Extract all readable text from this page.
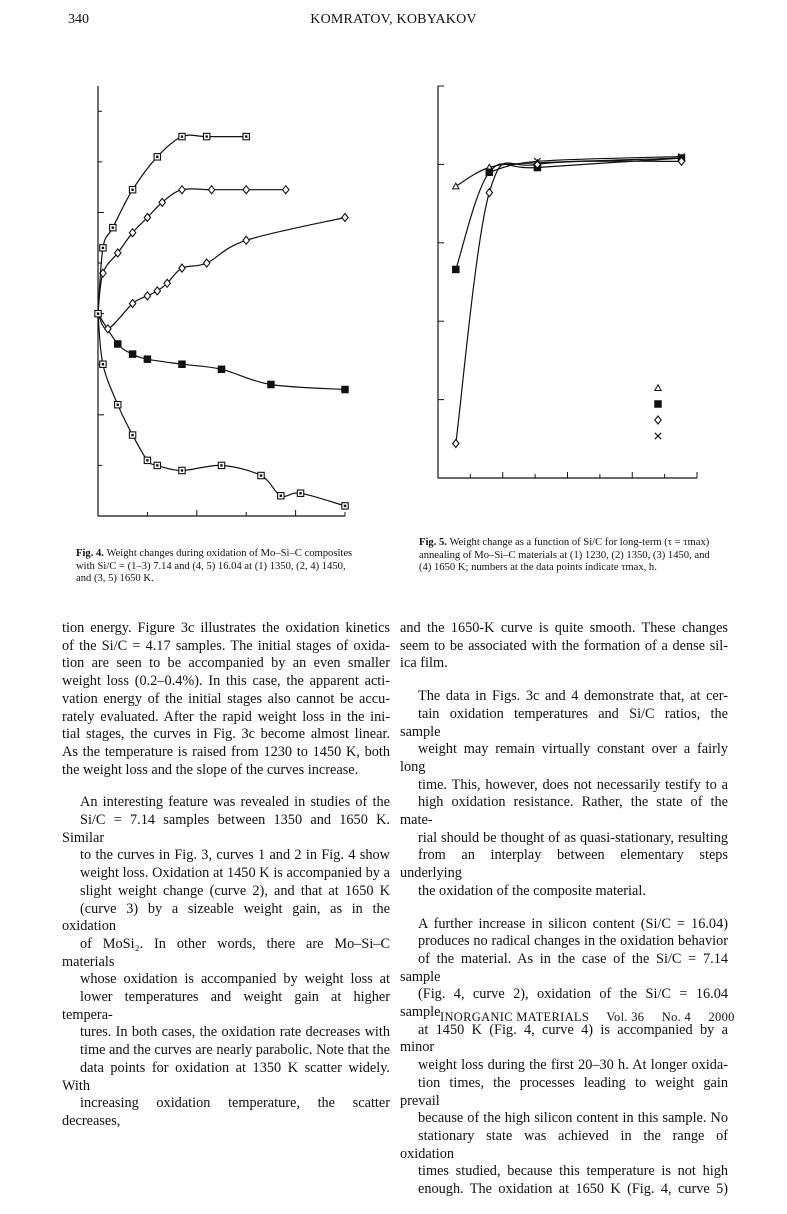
340	KOMRATOV, KOBYAKOV
Fig. 4. Weight changes during oxidation of Mo–Si–C composites with Si/C = (1–3) 7.14 and (4, 5) 16.04 at (1) 1350, (2, 4) 1450, and (3, 5) 1650 K.
Fig. 5. Weight change as a function of Si/C for long-term (τ = τmax) annealing of Mo–Si–C materials at (1) 1230, (2) 1350, (3) 1450, and (4) 1650 K; numbers at the data points indicate τmax, h.

tion energy. Figure 3c illustrates the oxidation kinetics
of the Si/C = 4.17 samples. The initial stages of oxida-
tion are seen to be accompanied by an even smaller
weight loss (0.2–0.4%). In this case, the apparent acti-
vation energy of the initial stages also cannot be accu-
rately evaluated. After the rapid weight loss in the ini-
tial stages, the curves in Fig. 3c become almost linear.
As the temperature is raised from 1230 to 1450 K, both
the weight loss and the slope of the curves increase.

An interesting feature was revealed in studies of the
Si/C = 7.14 samples between 1350 and 1650 K. Similar
to the curves in Fig. 3, curves 1 and 2 in Fig. 4 show
weight loss. Oxidation at 1450 K is accompanied by a
slight weight change (curve 2), and that at 1650 K
(curve 3) by a sizeable weight gain, as in the oxidation
of MoSi₂. In other words, there are Mo–Si–C materials
whose oxidation is accompanied by weight loss at
lower temperatures and weight gain at higher tempera-
tures. In both cases, the oxidation rate decreases with
time and the curves are nearly parabolic. Note that the
data points for oxidation at 1350 K scatter widely. With
increasing oxidation temperature, the scatter decreases,

and the 1650-K curve is quite smooth. These changes
seem to be associated with the formation of a dense sil-
ica film.

The data in Figs. 3c and 4 demonstrate that, at cer-
tain oxidation temperatures and Si/C ratios, the sample
weight may remain virtually constant over a fairly long
time. This, however, does not necessarily testify to a
high oxidation resistance. Rather, the state of the mate-
rial should be thought of as quasi-stationary, resulting
from an interplay between elementary steps underlying
the oxidation of the composite material.

A further increase in silicon content (Si/C = 16.04)
produces no radical changes in the oxidation behavior
of the material. As in the case of the Si/C = 7.14 sample
(Fig. 4, curve 2), oxidation of the Si/C = 16.04 sample
at 1450 K (Fig. 4, curve 4) is accompanied by a minor
weight loss during the first 20–30 h. At longer oxida-
tion times, the processes leading to weight gain prevail
because of the high silicon content in this sample. No
stationary state was achieved in the range of oxidation
times studied, because this temperature is not high
enough. The oxidation at 1650 K (Fig. 4, curve 5)

INORGANIC MATERIALS Vol. 36 No. 4 2000
